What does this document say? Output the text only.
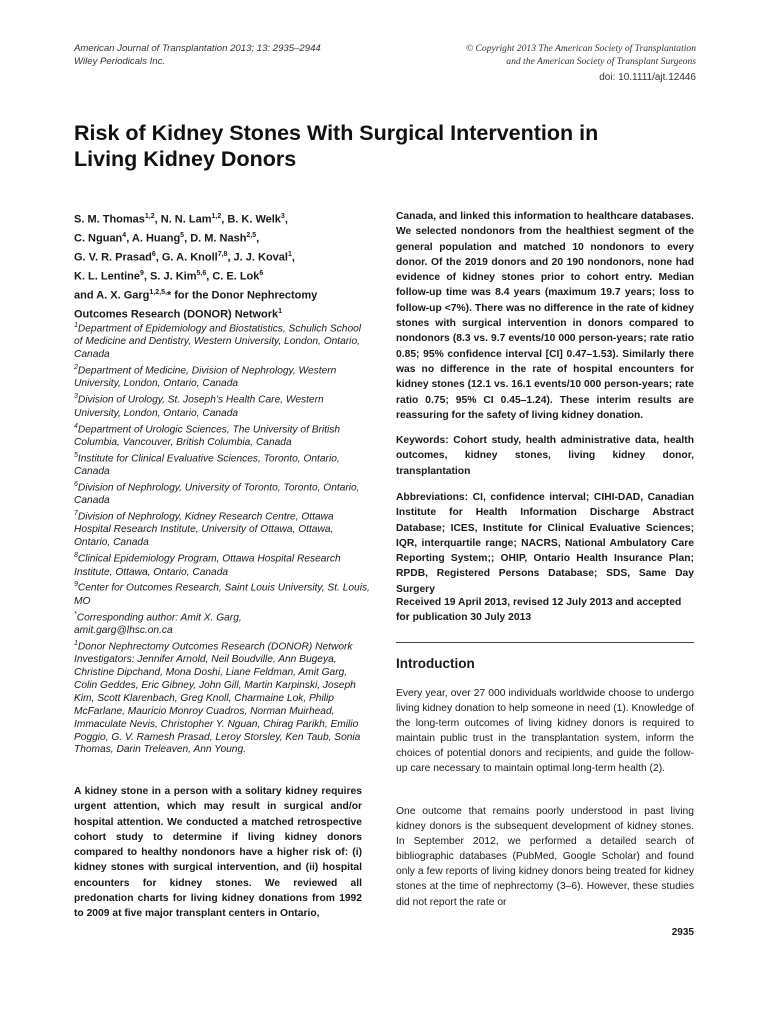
American Journal of Transplantation 2013; 13: 2935–2944
Wiley Periodicals Inc.
© Copyright 2013 The American Society of Transplantation
and the American Society of Transplant Surgeons
doi: 10.1111/ajt.12446
Risk of Kidney Stones With Surgical Intervention in
Living Kidney Donors

S. M. Thomas$^{1,2}$, N. N. Lam$^{1,2}$, B. K. Welk$^3$,
C. Nguan$^4$, A. Huang$^5$, D. M. Nash$^{2,5}$,
G. V. R. Prasad$^6$, G. A. Knoll$^{7,8}$, J. J. Koval$^1$,
K. L. Lentine$^9$, S. J. Kim$^{5,6}$, C. E. Lok$^6$
and A. X. Garg$^{1,2,5,}$* for the Donor Nephrectomy
Outcomes Research (DONOR) Network$^1$

$^1$Department of Epidemiology and Biostatistics, Schulich School of Medicine and Dentistry, Western University, London, Ontario, Canada
$^2$Department of Medicine, Division of Nephrology, Western University, London, Ontario, Canada
$^3$Division of Urology, St. Joseph’s Health Care, Western University, London, Ontario, Canada
$^4$Department of Urologic Sciences, The University of British Columbia, Vancouver, British Columbia, Canada
$^5$Institute for Clinical Evaluative Sciences, Toronto, Ontario, Canada
$^6$Division of Nephrology, University of Toronto, Toronto, Ontario, Canada
$^7$Division of Nephrology, Kidney Research Centre, Ottawa Hospital Research Institute, University of Ottawa, Ottawa, Ontario, Canada
$^8$Clinical Epidemiology Program, Ottawa Hospital Research Institute, Ottawa, Ontario, Canada
$^9$Center for Outcomes Research, Saint Louis University, St. Louis, MO
*Corresponding author: Amit X. Garg,
amit.garg@lhsc.on.ca
$^1$Donor Nephrectomy Outcomes Research (DONOR) Network Investigators: Jennifer Arnold, Neil Boudville, Ann Bugeya, Christine Dipchand, Mona Doshi, Liane Feldman, Amit Garg, Colin Geddes, Eric Gibney, John Gill, Martin Karpinski, Joseph Kim, Scott Klarenbach, Greg Knoll, Charmaine Lok, Philip McFarlane, Mauricio Monroy Cuadros, Norman Muirhead, Immaculate Nevis, Christopher Y. Nguan, Chirag Parikh, Emilio Poggio, G. V. Ramesh Prasad, Leroy Storsley, Ken Taub, Sonia Thomas, Darin Treleaven, Ann Young.

A kidney stone in a person with a solitary kidney requires urgent attention, which may result in surgical and/or hospital attention. We conducted a matched retrospective cohort study to determine if living kidney donors compared to healthy nondonors have a higher risk of: (i) kidney stones with surgical intervention, and (ii) hospital encounters for kidney stones. We reviewed all predonation charts for living kidney donations from 1992 to 2009 at five major transplant centers in Ontario,

Canada, and linked this information to healthcare databases. We selected nondonors from the healthiest segment of the general population and matched 10 nondonors to every donor. Of the 2019 donors and 20 190 nondonors, none had evidence of kidney stones prior to cohort entry. Median follow-up time was 8.4 years (maximum 19.7 years; loss to follow-up <7%). There was no difference in the rate of kidney stones with surgical intervention in donors compared to nondonors (8.3 vs. 9.7 events/10 000 person-years; rate ratio 0.85; 95% confidence interval [CI] 0.47–1.53). Similarly there was no difference in the rate of hospital encounters for kidney stones (12.1 vs. 16.1 events/10 000 person-years; rate ratio 0.75; 95% CI 0.45–1.24). These interim results are reassuring for the safety of living kidney donation.

Keywords: Cohort study, health administrative data, health outcomes, kidney stones, living kidney donor, transplantation

Abbreviations: CI, confidence interval; CIHI-DAD, Canadian Institute for Health Information Discharge Abstract Database; ICES, Institute for Clinical Evaluative Sciences; IQR, interquartile range; NACRS, National Ambulatory Care Reporting System;; OHIP, Ontario Health Insurance Plan; RPDB, Registered Persons Database; SDS, Same Day Surgery

Received 19 April 2013, revised 12 July 2013 and accepted for publication 30 July 2013

Introduction

Every year, over 27 000 individuals worldwide choose to undergo living kidney donation to help someone in need (1). Knowledge of the long-term outcomes of living kidney donors is required to maintain public trust in the transplantation system, inform the choices of potential donors and recipients, and guide the follow-up care necessary to maintain optimal long-term health (2).

One outcome that remains poorly understood in past living kidney donors is the subsequent development of kidney stones. In September 2012, we performed a detailed search of bibliographic databases (PubMed, Google Scholar) and found only a few reports of living kidney donors being treated for kidney stones at the time of nephrectomy (3–6). However, these studies did not report the rate or

2935
